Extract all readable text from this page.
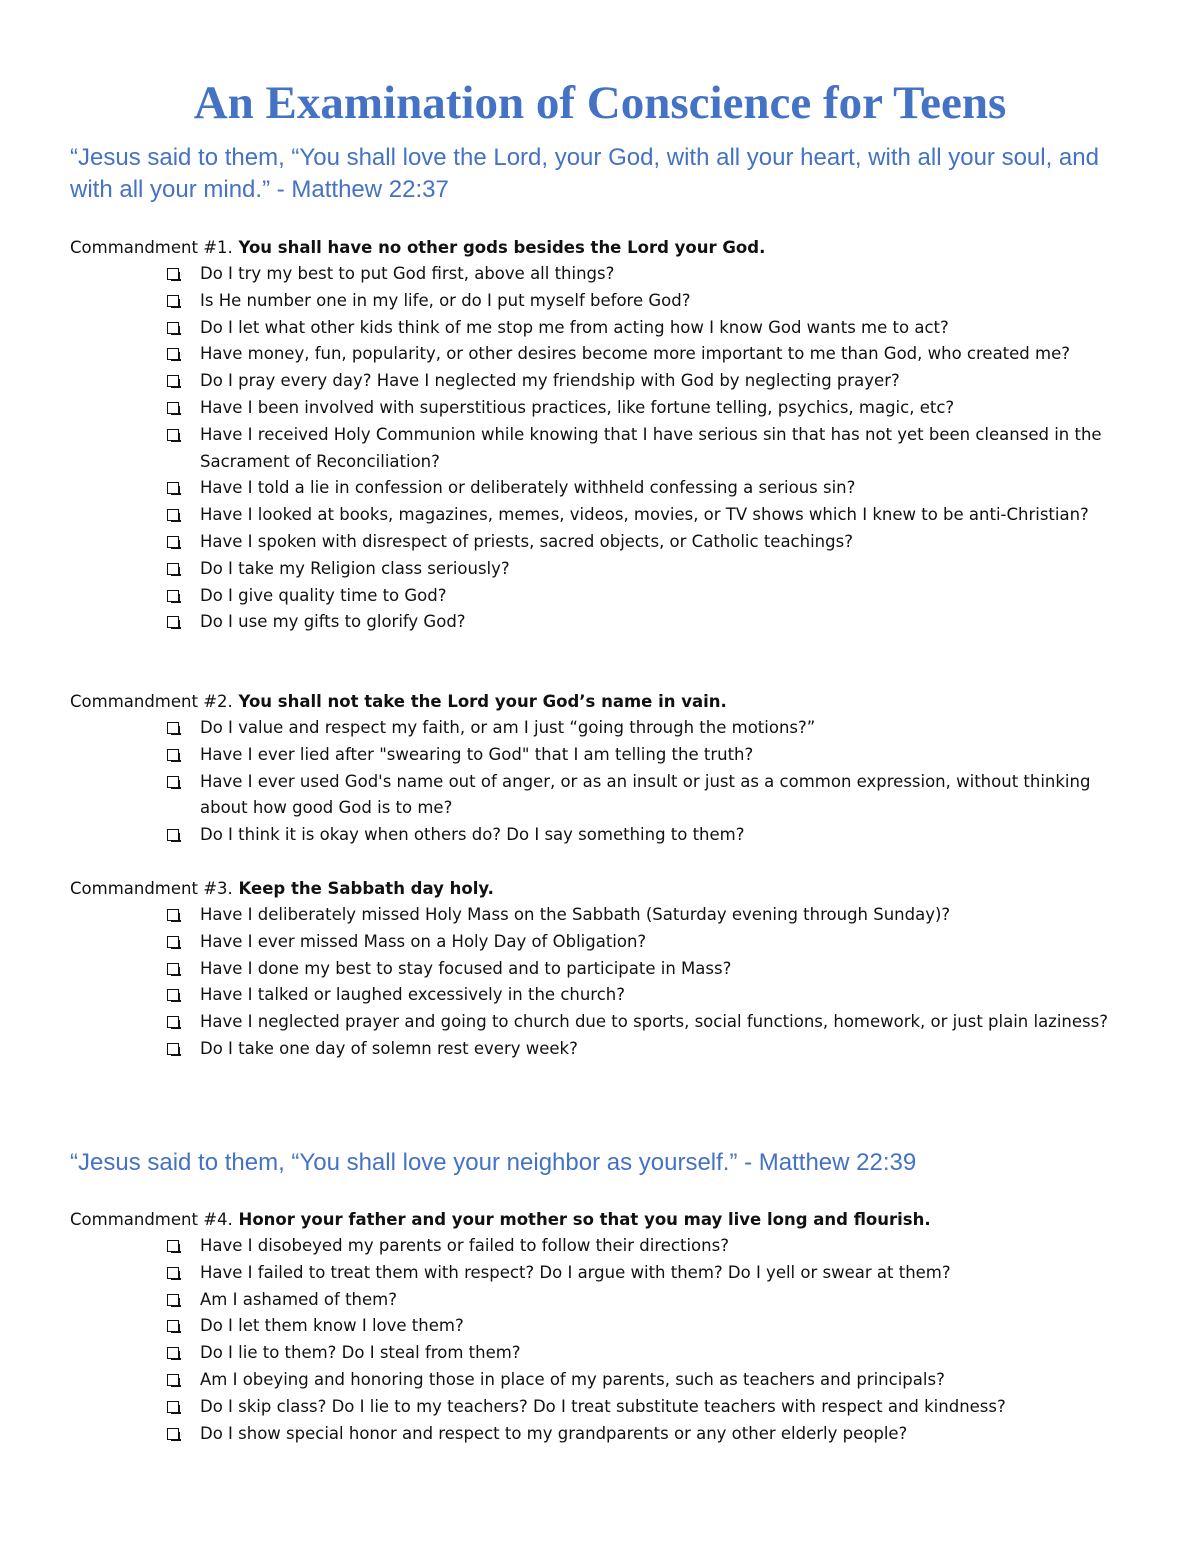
An Examination of Conscience for Teens

“Jesus said to them, “You shall love the Lord, your God, with all your heart, with all your soul, and with all your mind.” - Matthew 22:37

Commandment #1. You shall have no other gods besides the Lord your God.
Do I try my best to put God first, above all things?
Is He number one in my life, or do I put myself before God?
Do I let what other kids think of me stop me from acting how I know God wants me to act?
Have money, fun, popularity, or other desires become more important to me than God, who created me?
Do I pray every day? Have I neglected my friendship with God by neglecting prayer?
Have I been involved with superstitious practices, like fortune telling, psychics, magic, etc?
Have I received Holy Communion while knowing that I have serious sin that has not yet been cleansed in the Sacrament of Reconciliation?
Have I told a lie in confession or deliberately withheld confessing a serious sin?
Have I looked at books, magazines, memes, videos, movies, or TV shows which I knew to be anti-Christian?
Have I spoken with disrespect of priests, sacred objects, or Catholic teachings?
Do I take my Religion class seriously?
Do I give quality time to God?
Do I use my gifts to glorify God?
Commandment #2. You shall not take the Lord your God’s name in vain.
Do I value and respect my faith, or am I just “going through the motions?”
Have I ever lied after "swearing to God" that I am telling the truth?
Have I ever used God's name out of anger, or as an insult or just as a common expression, without thinking about how good God is to me?
Do I think it is okay when others do? Do I say something to them?
Commandment #3. Keep the Sabbath day holy.
Have I deliberately missed Holy Mass on the Sabbath (Saturday evening through Sunday)?
Have I ever missed Mass on a Holy Day of Obligation?
Have I done my best to stay focused and to participate in Mass?
Have I talked or laughed excessively in the church?
Have I neglected prayer and going to church due to sports, social functions, homework, or just plain laziness?
Do I take one day of solemn rest every week?

“Jesus said to them, “You shall love your neighbor as yourself.” - Matthew 22:39

Commandment #4. Honor your father and your mother so that you may live long and flourish.
Have I disobeyed my parents or failed to follow their directions?
Have I failed to treat them with respect? Do I argue with them? Do I yell or swear at them?
Am I ashamed of them?
Do I let them know I love them?
Do I lie to them? Do I steal from them?
Am I obeying and honoring those in place of my parents, such as teachers and principals?
Do I skip class? Do I lie to my teachers? Do I treat substitute teachers with respect and kindness?
Do I show special honor and respect to my grandparents or any other elderly people?
